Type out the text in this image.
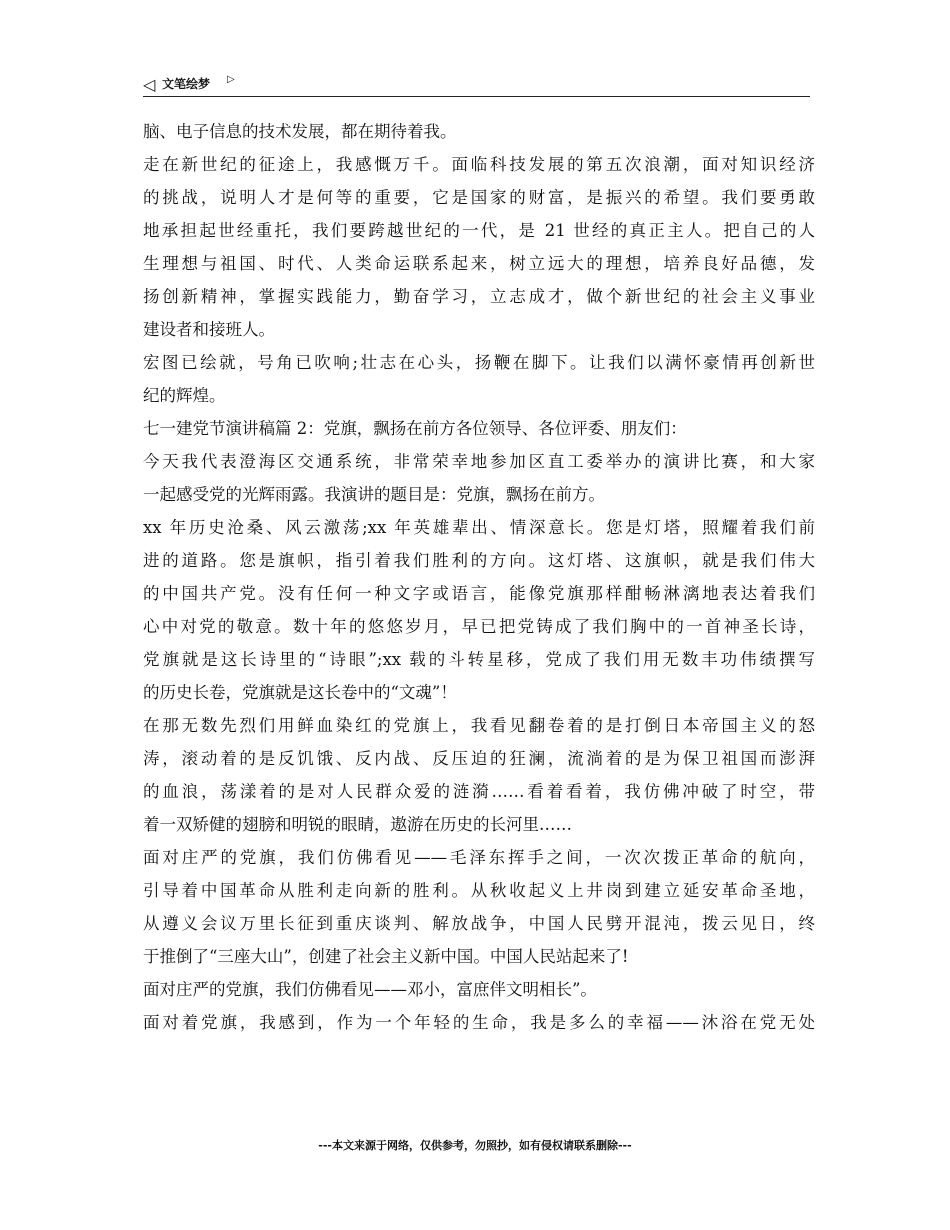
◁ 文笔绘梦 ▷
脑、电子信息的技术发展，都在期待着我。
走在新世纪的征途上，我感慨万千。面临科技发展的第五次浪潮，面对知识经济
的挑战，说明人才是何等的重要，它是国家的财富，是振兴的希望。我们要勇敢
地承担起世经重托，我们要跨越世纪的一代，是 21 世经的真正主人。把自己的人
生理想与祖国、时代、人类命运联系起来，树立远大的理想，培养良好品德，发
扬创新精神，掌握实践能力，勤奋学习，立志成才，做个新世纪的社会主义事业
建设者和接班人。
宏图已绘就，号角已吹响;壮志在心头，扬鞭在脚下。让我们以满怀豪情再创新世
纪的辉煌。
七一建党节演讲稿篇 2：党旗，飘扬在前方各位领导、各位评委、朋友们：
今天我代表澄海区交通系统，非常荣幸地参加区直工委举办的演讲比赛，和大家
一起感受党的光辉雨露。我演讲的题目是：党旗，飘扬在前方。
xx 年历史沧桑、风云激荡;xx 年英雄辈出、情深意长。您是灯塔，照耀着我们前
进的道路。您是旗帜，指引着我们胜利的方向。这灯塔、这旗帜，就是我们伟大
的中国共产党。没有任何一种文字或语言，能像党旗那样酣畅淋漓地表达着我们
心中对党的敬意。数十年的悠悠岁月，早已把党铸成了我们胸中的一首神圣长诗，
党旗就是这长诗里的“诗眼”;xx 载的斗转星移，党成了我们用无数丰功伟绩撰写
的历史长卷，党旗就是这长卷中的“文魂”！
在那无数先烈们用鲜血染红的党旗上，我看见翻卷着的是打倒日本帝国主义的怒
涛，滚动着的是反饥饿、反内战、反压迫的狂澜，流淌着的是为保卫祖国而澎湃
的血浪，荡漾着的是对人民群众爱的涟漪……看着看着，我仿佛冲破了时空，带
着一双矫健的翅膀和明锐的眼睛，遨游在历史的长河里……
面对庄严的党旗，我们仿佛看见——毛泽东挥手之间，一次次拨正革命的航向，
引导着中国革命从胜利走向新的胜利。从秋收起义上井岗到建立延安革命圣地，
从遵义会议万里长征到重庆谈判、解放战争，中国人民劈开混沌，拨云见日，终
于推倒了“三座大山”，创建了社会主义新中国。中国人民站起来了!
面对庄严的党旗，我们仿佛看见——邓小，富庶伴文明相长”。
面对着党旗，我感到，作为一个年轻的生命，我是多么的幸福——沐浴在党无处
---本文来源于网络，仅供参考，勿照抄，如有侵权请联系删除---
